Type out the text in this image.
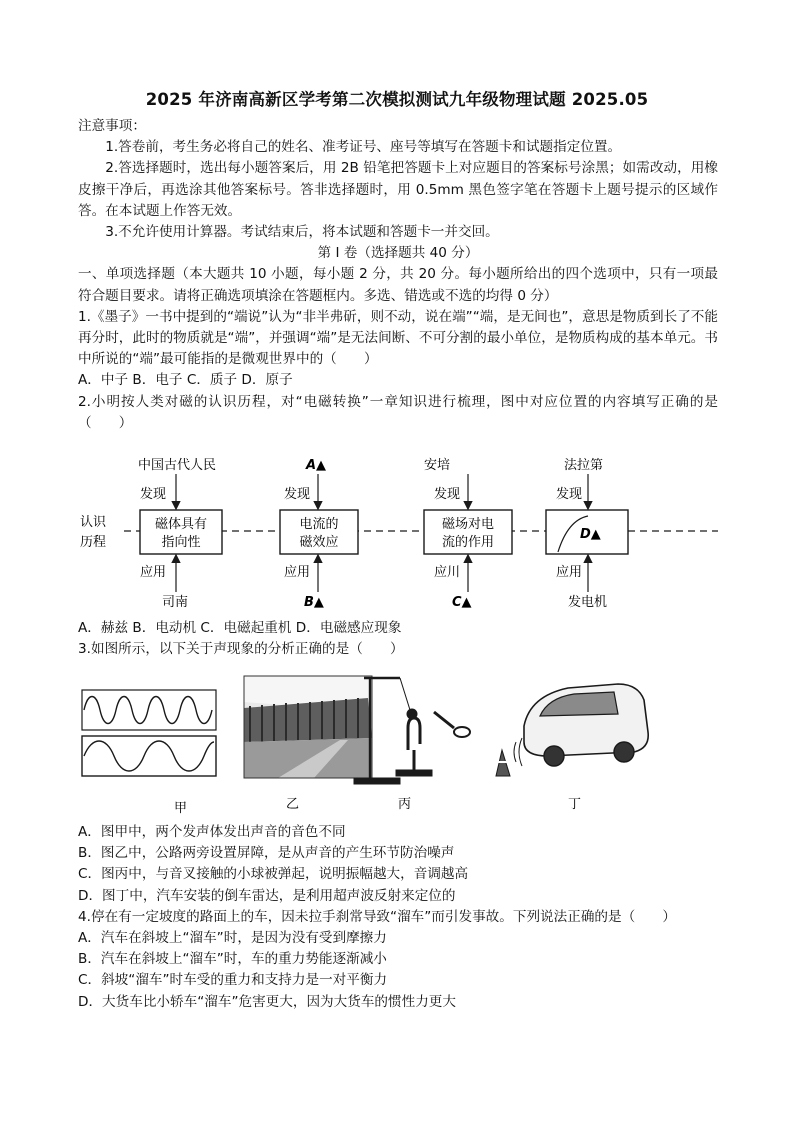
2025 年济南高新区学考第二次模拟测试九年级物理试题 2025.05

注意事项：

1.答卷前，考生务必将自己的姓名、准考证号、座号等填写在答题卡和试题指定位置。

2.答选择题时，选出每小题答案后，用 2B 铅笔把答题卡上对应题目的答案标号涂黑；如需改动，用橡皮擦干净后，再选涂其他答案标号。答非选择题时，用 0.5mm 黑色签字笔在答题卡上题号提示的区域作答。在本试题上作答无效。

3.不允许使用计算器。考试结束后，将本试题和答题卡一并交回。

第 I 卷（选择题共 40 分）

一、单项选择题（本大题共 10 小题，每小题 2 分，共 20 分。每小题所给出的四个选项中，只有一项最符合题目要求。请将正确选项填涂在答题框内。多选、错选或不选的均得 0 分）

1.《墨子》一书中提到的“端说”认为“非半弗斫，则不动，说在端”“端，是无间也”，意思是物质到长了不能再分时，此时的物质就是“端”，并强调“端”是无法间断、不可分割的最小单位，是物质构成的基本单元。书中所说的“端”最可能指的是微观世界中的（　　）

A．中子 B．电子 C．质子 D．原子

2.小明按人类对磁的认识历程，对“电磁转换”一章知识进行梳理，图中对应位置的内容填写正确的是（　　）

认识
历程
中国古代人民
发现
磁体具有
指向性
应用
司南
A▲
发现
电流的
磁效应
应用
B▲
安培
发现
磁场对电
流的作用
应川
C▲
法拉第
发现
D▲
应用
发电机

A．赫兹 B．电动机 C．电磁起重机 D．电磁感应现象

3.如图所示，以下关于声现象的分析正确的是（　　）

甲	乙	丙	丁

A．图甲中，两个发声体发出声音的音色不同

B．图乙中，公路两旁设置屏障，是从声音的产生环节防治噪声

C．图丙中，与音叉接触的小球被弹起，说明振幅越大，音调越高

D．图丁中，汽车安装的倒车雷达，是利用超声波反射来定位的

4.停在有一定坡度的路面上的车，因未拉手刹常导致“溜车”而引发事故。下列说法正确的是（　　）

A．汽车在斜坡上“溜车”时，是因为没有受到摩擦力

B．汽车在斜坡上“溜车”时，车的重力势能逐渐减小

C．斜坡“溜车”时车受的重力和支持力是一对平衡力

D．大货车比小轿车“溜车”危害更大，因为大货车的惯性力更大
